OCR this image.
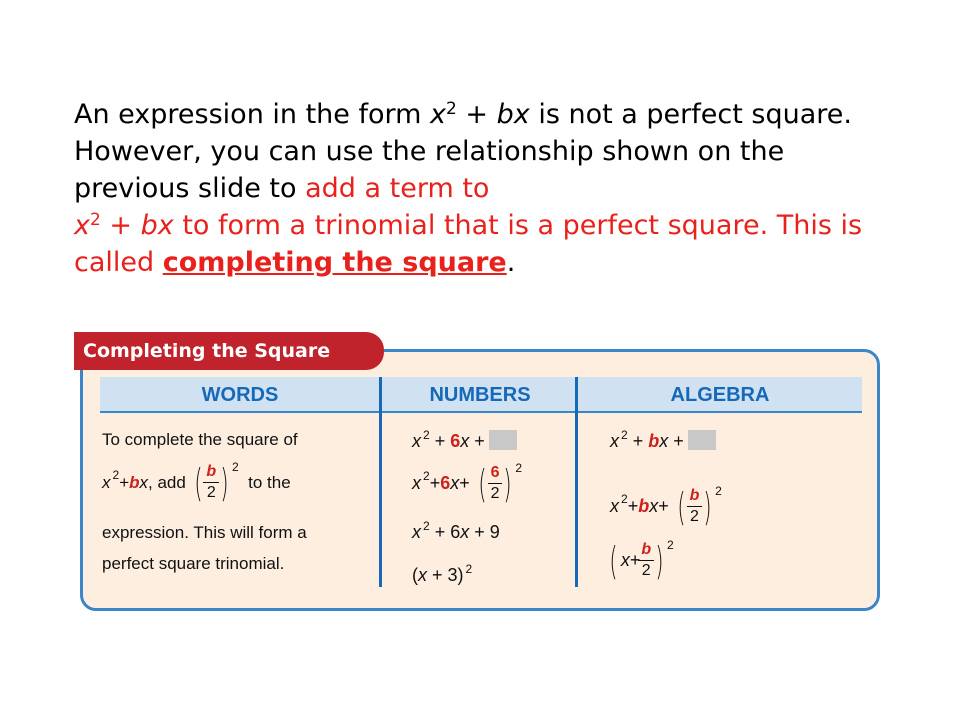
An expression in the form $x^2$ + bx is not a perfect square. However, you can use the relationship shown on the previous slide to add a term to
$x^2$ + bx to form a trinomial that is a perfect square. This is called completing the square.
Completing the Square
WORDS	NUMBERS	ALGEBRA
To complete the square of
x 2 + b x , add
( $\frac{b}{2}$ ) 2

to the
expression. This will form a
perfect square trinomial.
x $^2$ + 6x +
x 2 + 6 x +
( $\frac{6}{2}$ ) 2
x $^2$ + 6x + 9
(x + 3) $^2$
x $^2$ + bx +
x 2 + b x +
( $\frac{b}{2}$ ) 2
( x +
$\frac{b}{2}$ ) 2
